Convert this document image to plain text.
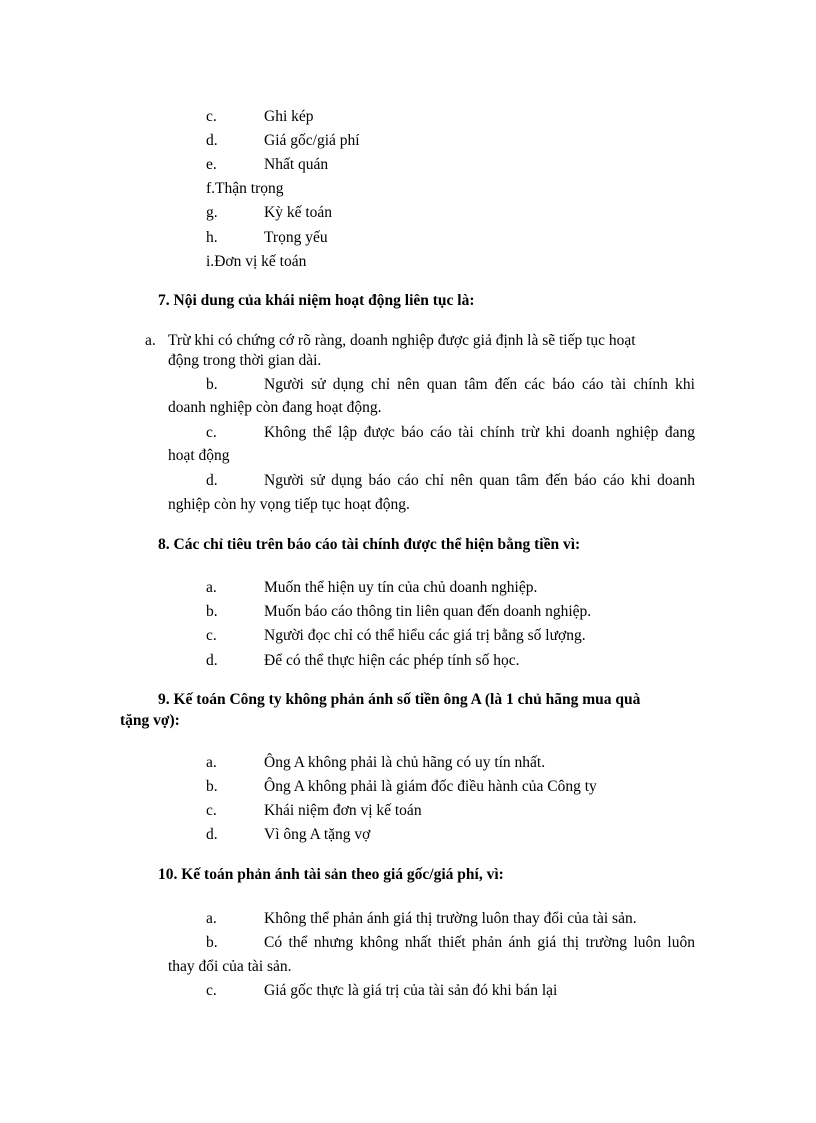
c.	Ghi kép
d.	Giá gốc/giá phí
e.	Nhất quán
f.Thận trọng
g.	Kỳ kế toán
h.	Trọng yếu
i.Đơn vị kế toán
7. Nội dung của khái niệm hoạt động liên tục là:
a. Trừ khi có chứng cớ rõ ràng, doanh nghiệp được giả định là sẽ tiếp tục hoạt
động trong thời gian dài.
b.	Người sử dụng chỉ nên quan tâm đến các báo cáo tài chính khi
doanh nghiệp còn đang hoạt động.
c.	Không thể lập được báo cáo tài chính trừ khi doanh nghiệp đang
hoạt động
d.	Người sử dụng báo cáo chỉ nên quan tâm đến báo cáo khi doanh
nghiệp còn hy vọng tiếp tục hoạt động.
8. Các chỉ tiêu trên báo cáo tài chính được thể hiện bằng tiền vì:
a.	Muốn thể hiện uy tín của chủ doanh nghiệp.
b.	Muốn báo cáo thông tin liên quan đến doanh nghiệp.
c.	Người đọc chỉ có thể hiểu các giá trị bằng số lượng.
d.	Để có thể thực hiện các phép tính số học.
9. Kế toán Công ty không phản ánh số tiền ông A (là 1 chủ hãng mua quà
tặng vợ):
a.	Ông A không phải là chủ hãng có uy tín nhất.
b.	Ông A không phải là giám đốc điều hành của Công ty
c.	Khái niệm đơn vị kế toán
d.	Vì ông A tặng vợ
10. Kế toán phản ánh tài sản theo giá gốc/giá phí, vì:
a.	Không thể phản ánh giá thị trường luôn thay đổi của tài sản.
b.	Có thể nhưng không nhất thiết phản ánh giá thị trường luôn luôn
thay đổi của tài sản.
c.	Giá gốc thực là giá trị của tài sản đó khi bán lại
